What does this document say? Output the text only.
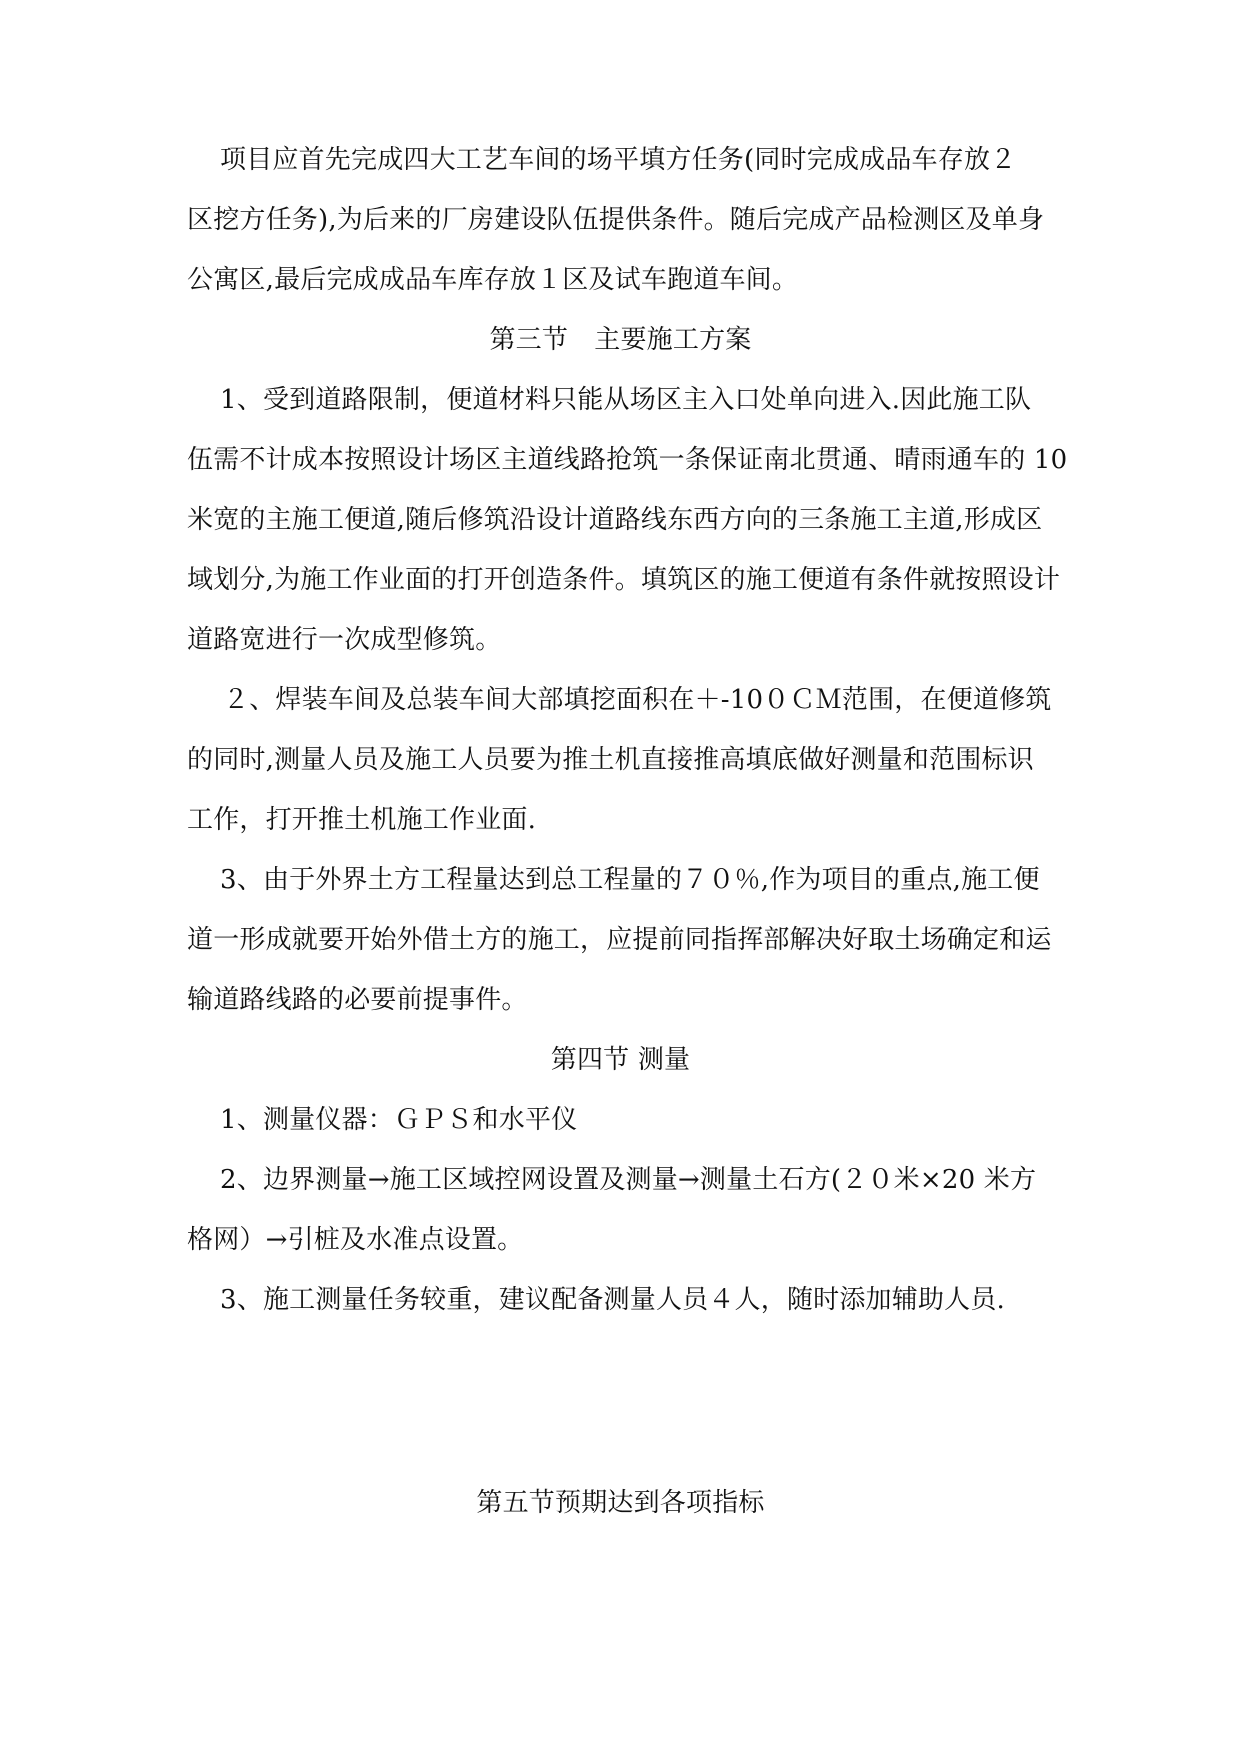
项目应首先完成四大工艺车间的场平填方任务(同时完成成品车存放２
区挖方任务),为后来的厂房建设队伍提供条件。随后完成产品检测区及单身
公寓区,最后完成成品车库存放１区及试车跑道车间。
第三节　主要施工方案
1、受到道路限制，便道材料只能从场区主入口处单向进入.因此施工队
伍需不计成本按照设计场区主道线路抢筑一条保证南北贯通、晴雨通车的 10
米宽的主施工便道,随后修筑沿设计道路线东西方向的三条施工主道,形成区
域划分,为施工作业面的打开创造条件。填筑区的施工便道有条件就按照设计
道路宽进行一次成型修筑。
２、焊装车间及总装车间大部填挖面积在＋-10０ＣＭ范围，在便道修筑
的同时,测量人员及施工人员要为推土机直接推高填底做好测量和范围标识
工作，打开推土机施工作业面.
3、由于外界土方工程量达到总工程量的７０％,作为项目的重点,施工便
道一形成就要开始外借土方的施工，应提前同指挥部解决好取土场确定和运
输道路线路的必要前提事件。
第四节 测量
1、测量仪器：ＧＰＳ和水平仪
2、边界测量→施工区域控网设置及测量→测量土石方(２０米×20 米方
格网）→引桩及水准点设置。
3、施工测量任务较重，建议配备测量人员４人，随时添加辅助人员.
第五节预期达到各项指标
